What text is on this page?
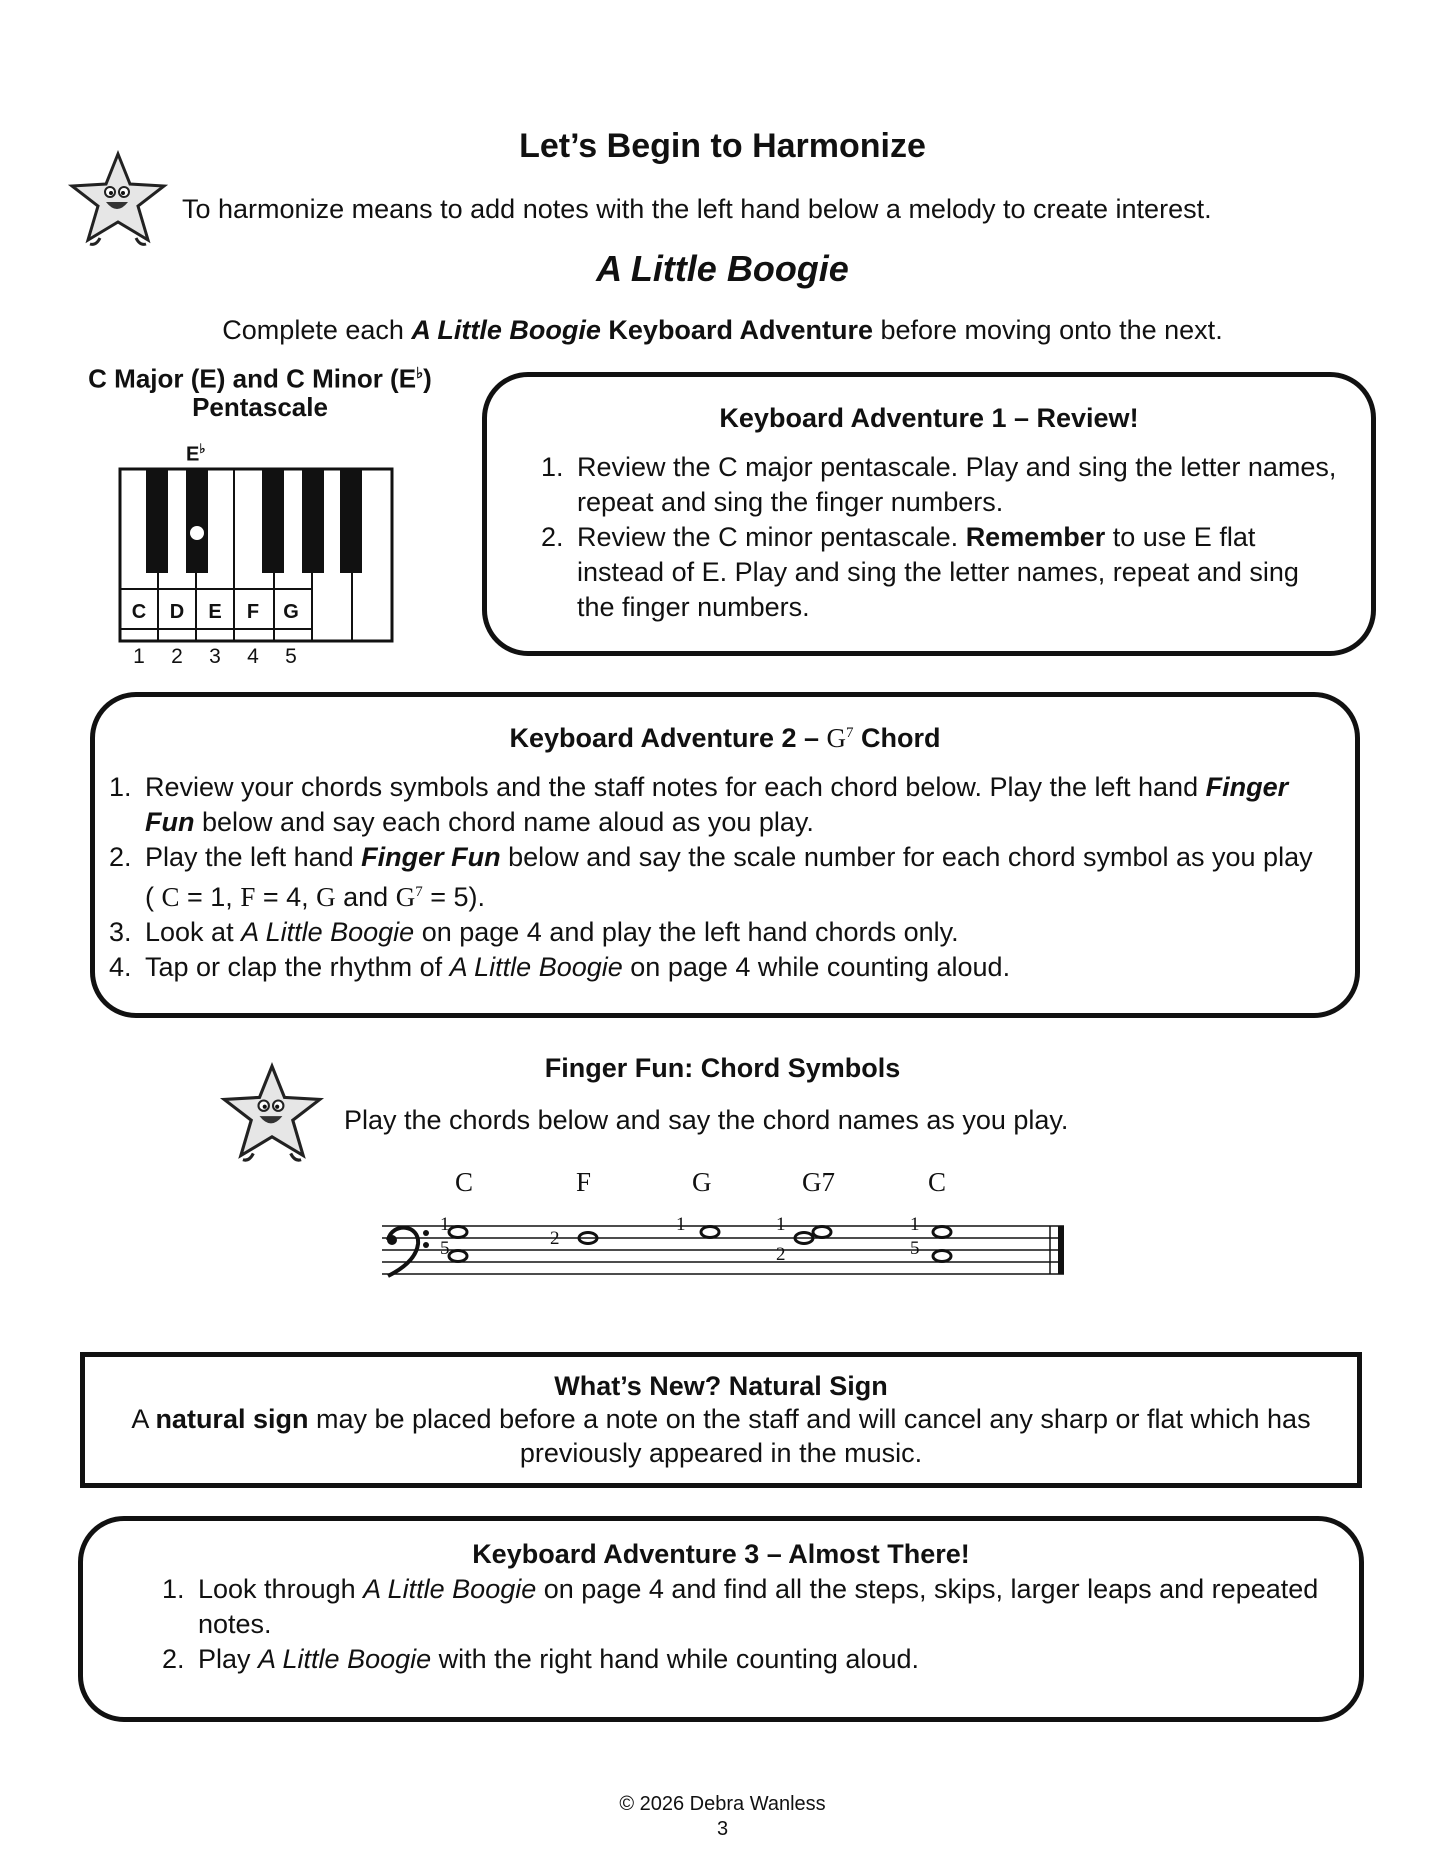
Let’s Begin to Harmonize
To harmonize means to add notes with the left hand below a melody to create interest.
A Little Boogie
Complete each A Little Boogie Keyboard Adventure before moving onto the next.
C Major (E) and C Minor (E♭)
Pentascale
E♭
C	D	E	F	G
1	2	3	4	5
Keyboard Adventure 1 – Review!
1. Review the C major pentascale. Play and sing the letter names, repeat and sing the finger numbers.
2. Review the C minor pentascale. Remember to use E flat instead of E. Play and sing the letter names, repeat and sing the finger numbers.
Keyboard Adventure $2 - G^7$ Chord
1. Review your chords symbols and the staff notes for each chord below. Play the left hand Finger Fun below and say each chord name aloud as you play.
2. Play the left hand Finger Fun below and say the scale number for each chord symbol as you play ( C = 1, F = 4, G and $G^7 = 5$).
3. Look at A Little Boogie on page 4 and play the left hand chords only.
4. Tap or clap the rhythm of A Little Boogie on page 4 while counting aloud.
Finger Fun: Chord Symbols
Play the chords below and say the chord names as you play.
C	F	G	G7	C
1
5	2
1	1
2
1
5
What’s New? Natural Sign
A natural sign may be placed before a note on the staff and will cancel any sharp or flat which has previously appeared in the music.
Keyboard Adventure 3 – Almost There!
1. Look through A Little Boogie on page 4 and find all the steps, skips, larger leaps and repeated notes.
2. Play A Little Boogie with the right hand while counting aloud.
© 2026 Debra Wanless
3
